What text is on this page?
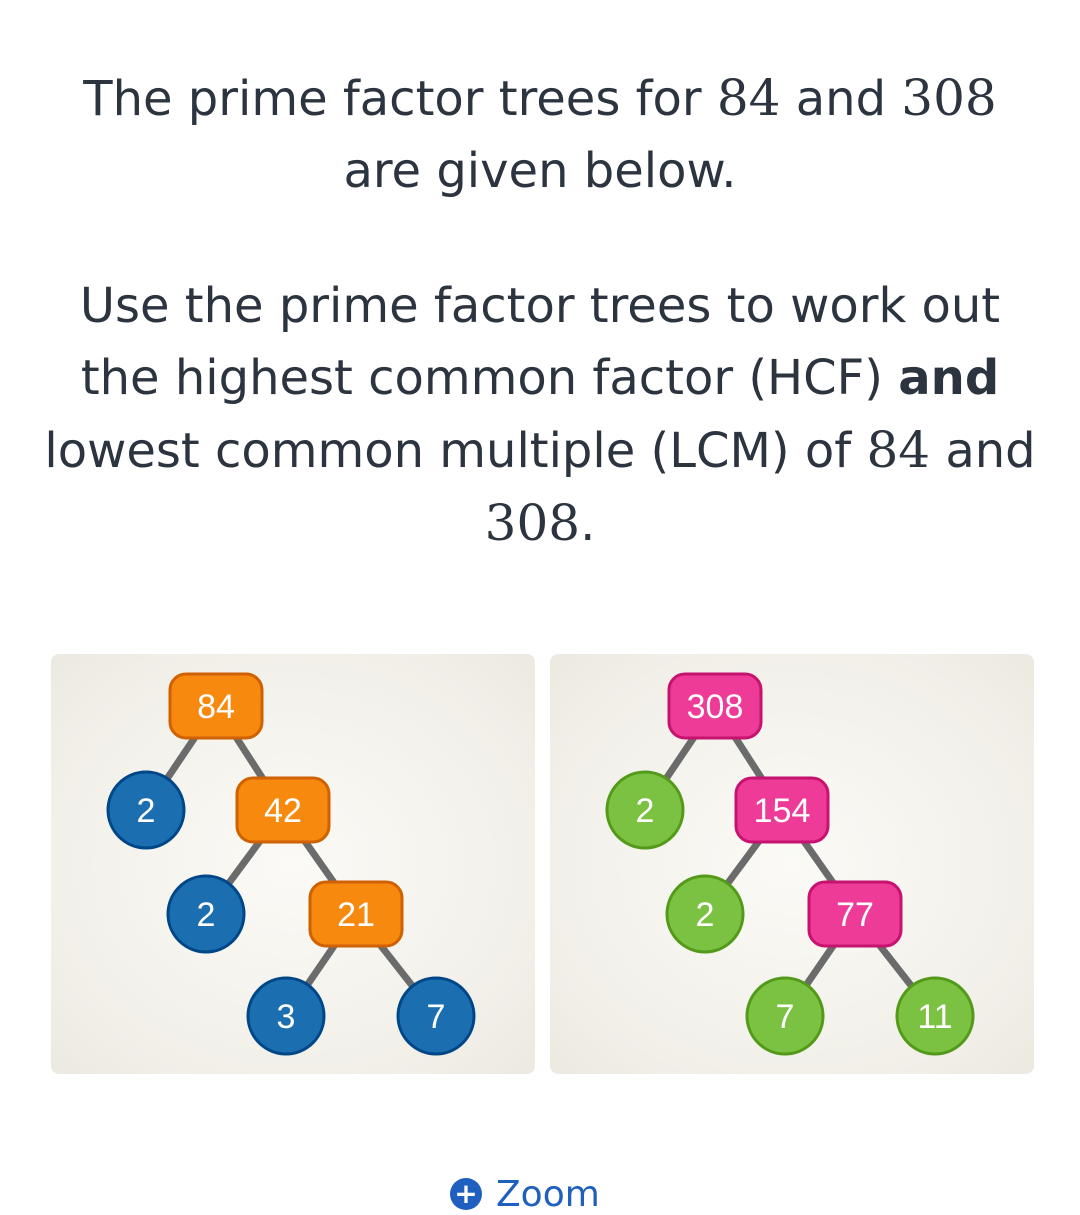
The prime factor trees for 84 and 308
are given below.

Use the prime factor trees to work out the highest common factor (HCF) and lowest common multiple (LCM) of 84 and 308.

84
2	42
2	21
3	7
308
2	154
2	77
7	11
+ Zoom
